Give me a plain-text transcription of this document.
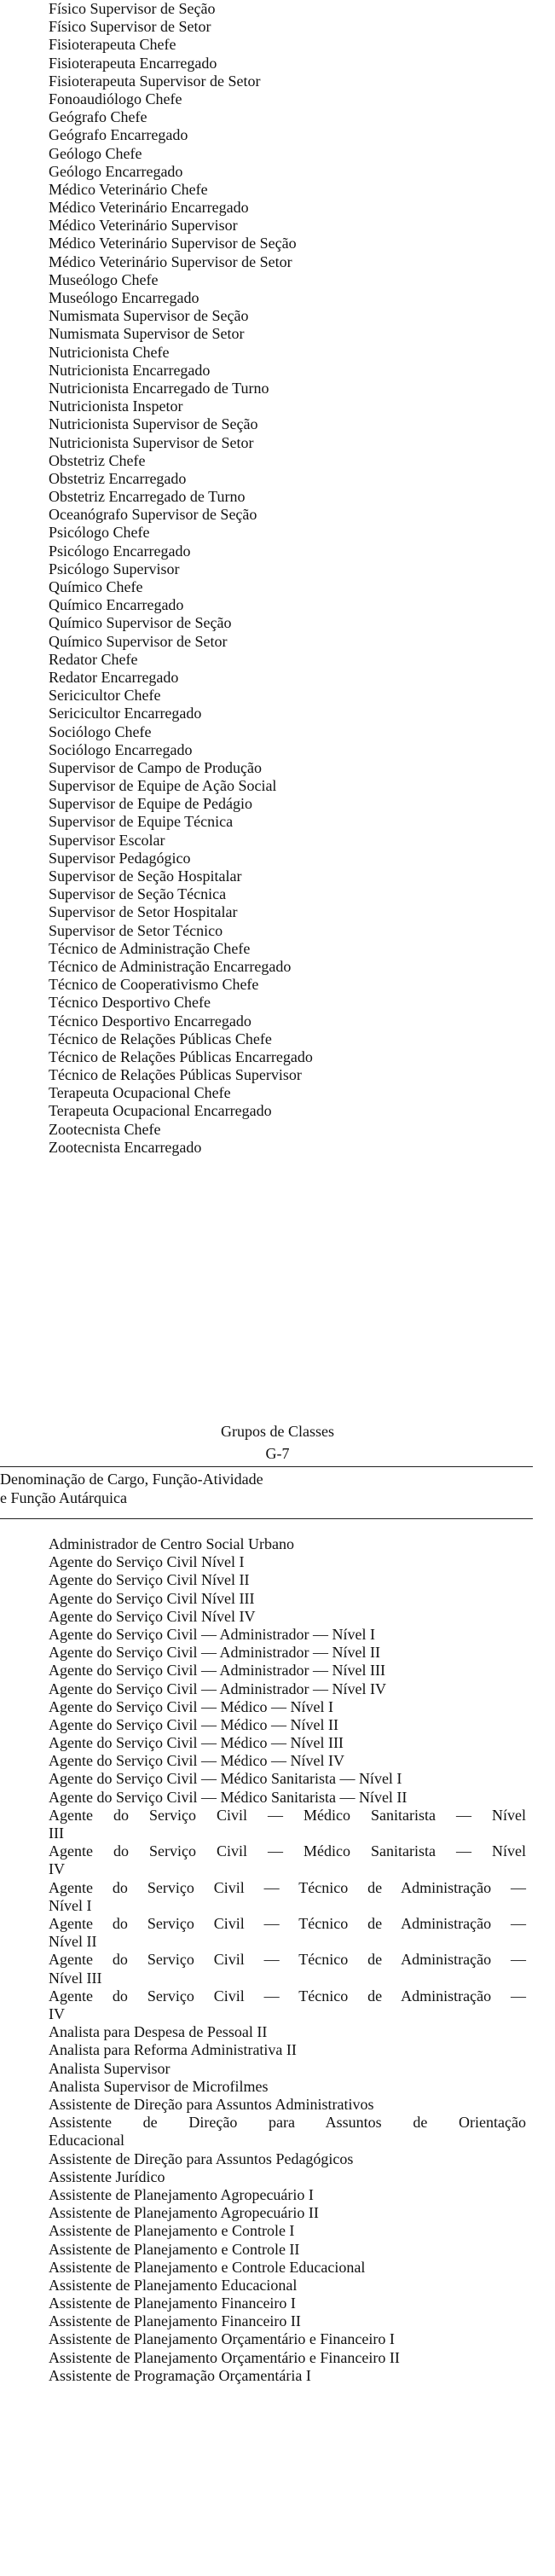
Físico Supervisor de Seção
Físico Supervisor de Setor
Fisioterapeuta Chefe
Fisioterapeuta Encarregado
Fisioterapeuta Supervisor de Setor
Fonoaudiólogo Chefe
Geógrafo Chefe
Geógrafo Encarregado
Geólogo Chefe
Geólogo Encarregado
Médico Veterinário Chefe
Médico Veterinário Encarregado
Médico Veterinário Supervisor
Médico Veterinário Supervisor de Seção
Médico Veterinário Supervisor de Setor
Museólogo Chefe
Museólogo Encarregado
Numismata Supervisor de Seção
Numismata Supervisor de Setor
Nutricionista Chefe
Nutricionista Encarregado
Nutricionista Encarregado de Turno
Nutricionista Inspetor
Nutricionista Supervisor de Seção
Nutricionista Supervisor de Setor
Obstetriz Chefe
Obstetriz Encarregado
Obstetriz Encarregado de Turno
Oceanógrafo Supervisor de Seção
Psicólogo Chefe
Psicólogo Encarregado
Psicólogo Supervisor
Químico Chefe
Químico Encarregado
Químico Supervisor de Seção
Químico Supervisor de Setor
Redator Chefe
Redator Encarregado
Sericicultor Chefe
Sericicultor Encarregado
Sociólogo Chefe
Sociólogo Encarregado
Supervisor de Campo de Produção
Supervisor de Equipe de Ação Social
Supervisor de Equipe de Pedágio
Supervisor de Equipe Técnica
Supervisor Escolar
Supervisor Pedagógico
Supervisor de Seção Hospitalar
Supervisor de Seção Técnica
Supervisor de Setor Hospitalar
Supervisor de Setor Técnico
Técnico de Administração Chefe
Técnico de Administração Encarregado
Técnico de Cooperativismo Chefe
Técnico Desportivo Chefe
Técnico Desportivo Encarregado
Técnico de Relações Públicas Chefe
Técnico de Relações Públicas Encarregado
Técnico de Relações Públicas Supervisor
Terapeuta Ocupacional Chefe
Terapeuta Ocupacional Encarregado
Zootecnista Chefe
Zootecnista Encarregado
Grupos de Classes
G-7
Denominação de Cargo, Função-Atividade
e Função Autárquica
Administrador de Centro Social Urbano
Agente do Serviço Civil Nível I
Agente do Serviço Civil Nível II
Agente do Serviço Civil Nível III
Agente do Serviço Civil Nível IV
Agente do Serviço Civil — Administrador — Nível I
Agente do Serviço Civil — Administrador — Nível II
Agente do Serviço Civil — Administrador — Nível III
Agente do Serviço Civil — Administrador — Nível IV
Agente do Serviço Civil — Médico — Nível I
Agente do Serviço Civil — Médico — Nível II
Agente do Serviço Civil — Médico — Nível III
Agente do Serviço Civil — Médico — Nível IV
Agente do Serviço Civil — Médico Sanitarista — Nível I
Agente do Serviço Civil — Médico Sanitarista — Nível II
Agente do Serviço Civil — Médico Sanitarista — Nível
III
Agente do Serviço Civil — Médico Sanitarista — Nível
IV
Agente do Serviço Civil — Técnico de Administração —
Nível I
Agente do Serviço Civil — Técnico de Administração —
Nível II
Agente do Serviço Civil — Técnico de Administração —
Nível III
Agente do Serviço Civil — Técnico de Administração —
IV
Analista para Despesa de Pessoal II
Analista para Reforma Administrativa II
Analista Supervisor
Analista Supervisor de Microfilmes
Assistente de Direção para Assuntos Administrativos
Assistente de Direção para Assuntos de Orientação
Educacional
Assistente de Direção para Assuntos Pedagógicos
Assistente Jurídico
Assistente de Planejamento Agropecuário I
Assistente de Planejamento Agropecuário II
Assistente de Planejamento e Controle I
Assistente de Planejamento e Controle II
Assistente de Planejamento e Controle Educacional
Assistente de Planejamento Educacional
Assistente de Planejamento Financeiro I
Assistente de Planejamento Financeiro II
Assistente de Planejamento Orçamentário e Financeiro I
Assistente de Planejamento Orçamentário e Financeiro II
Assistente de Programação Orçamentária I
